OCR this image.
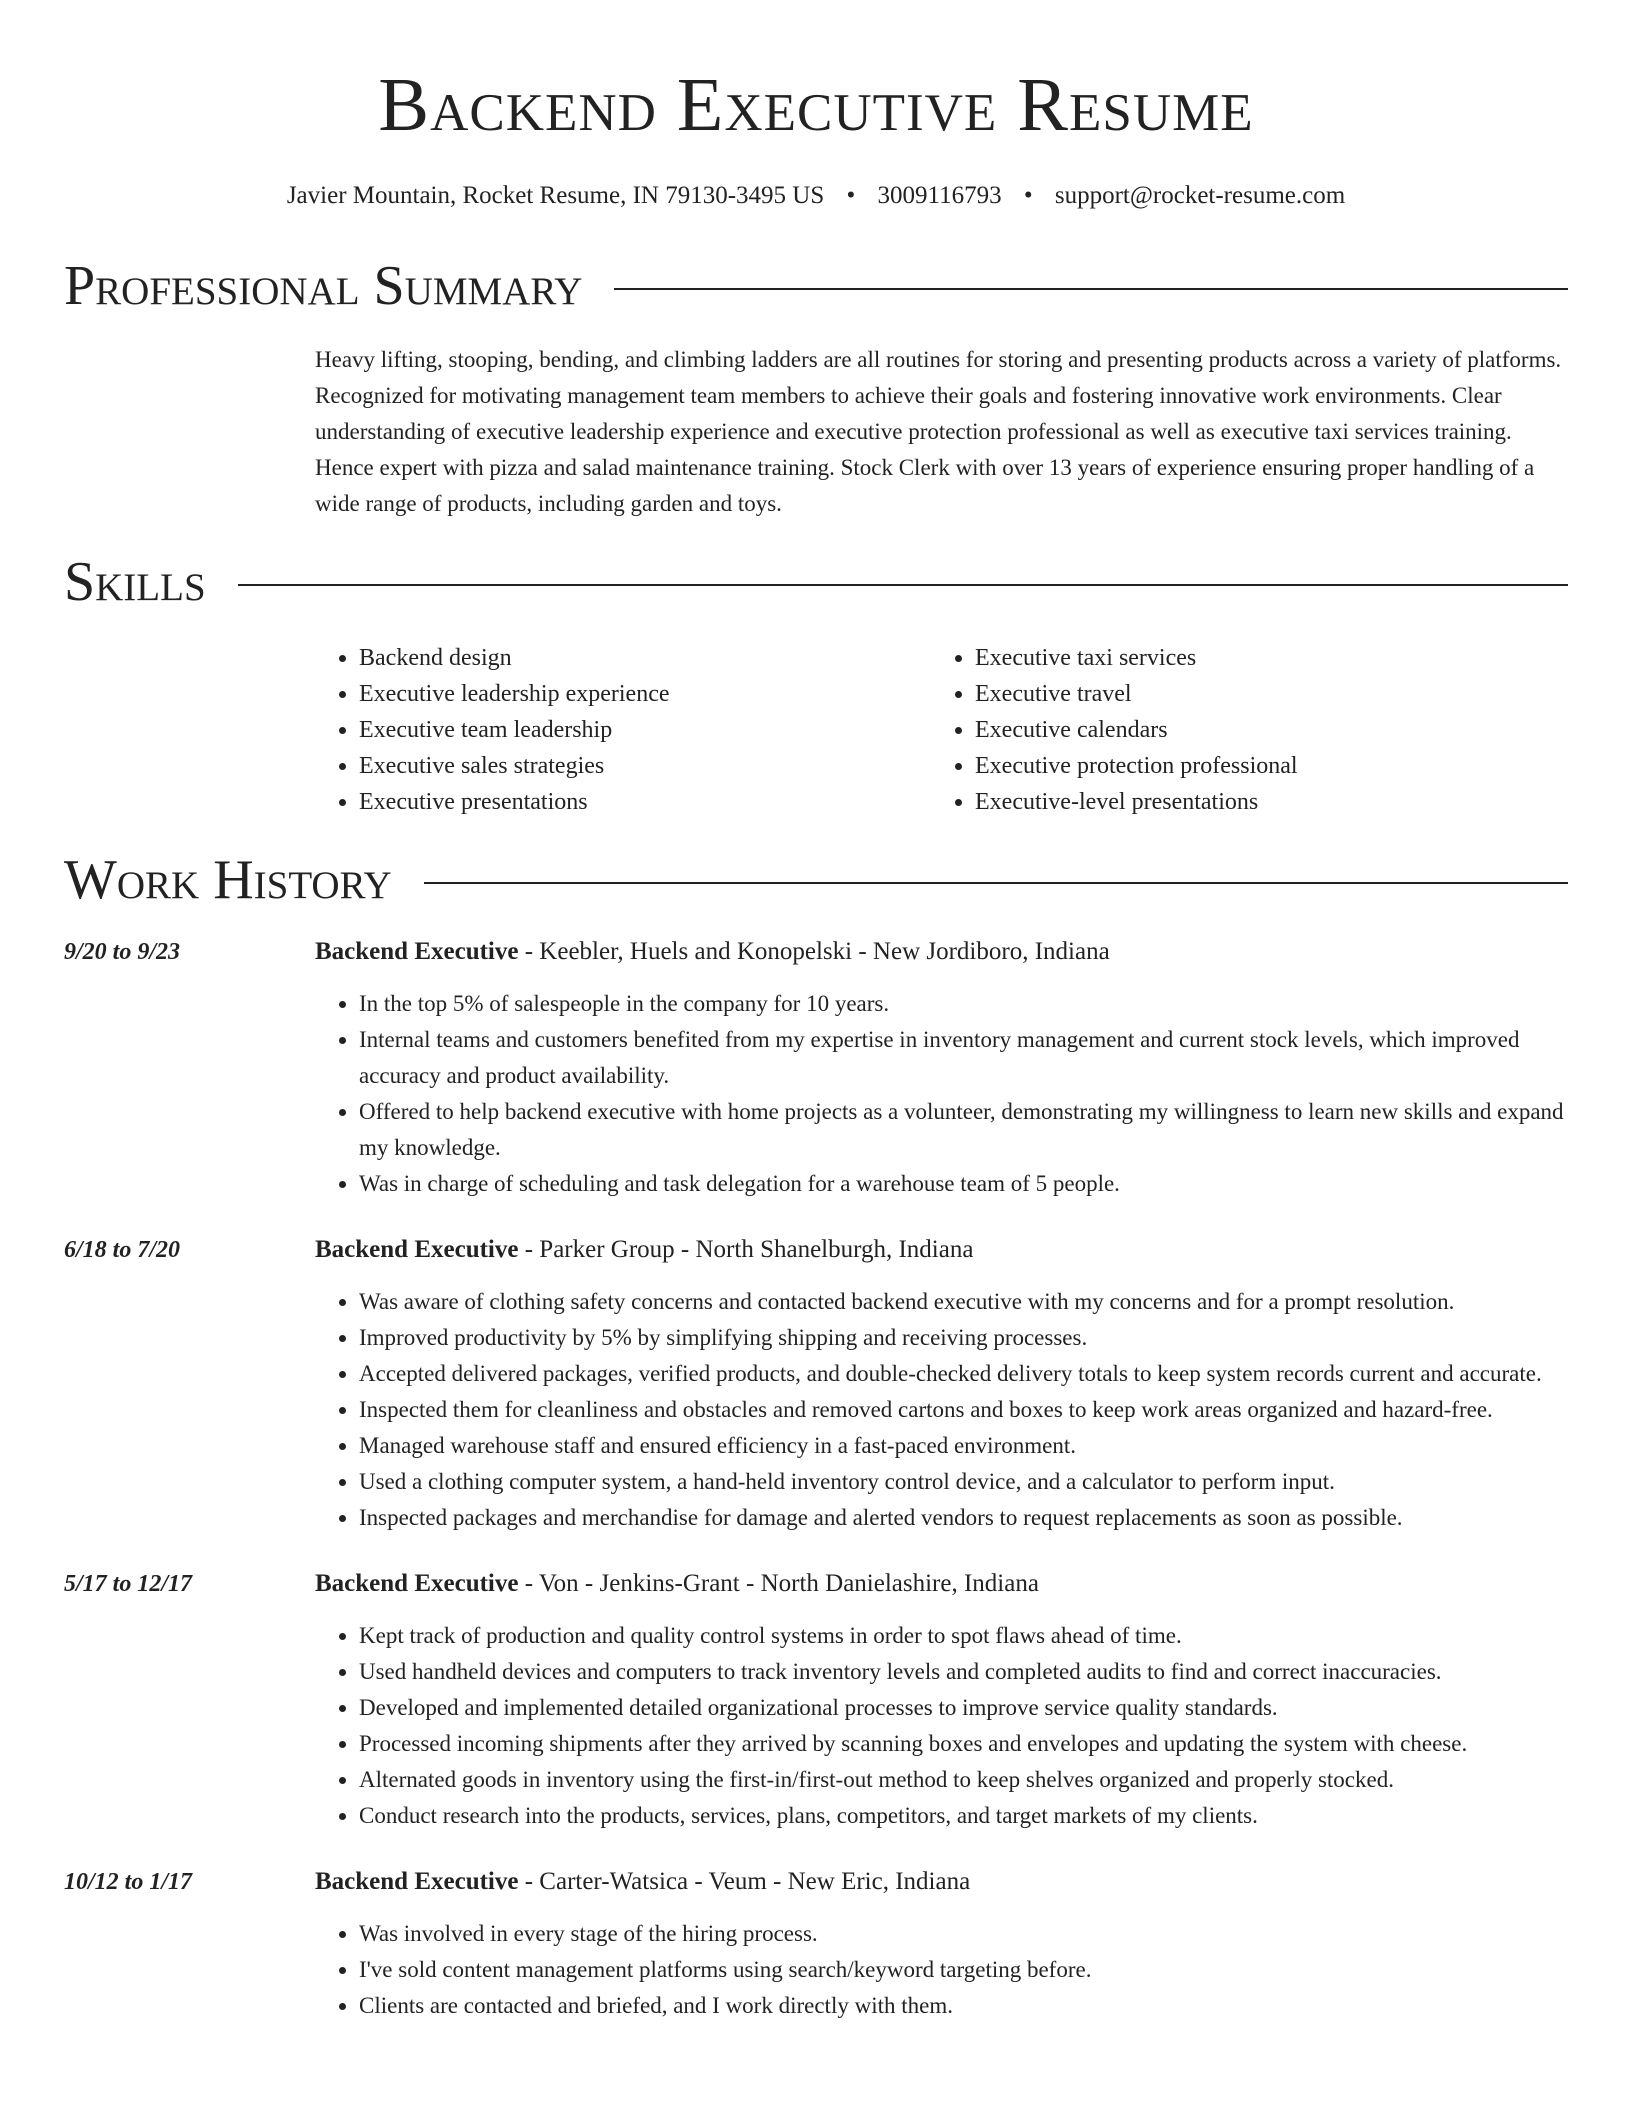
Backend Executive Resume
Javier Mountain, Rocket Resume, IN 79130-3495 US • 3009116793 • support@rocket-resume.com
Professional Summary
Heavy lifting, stooping, bending, and climbing ladders are all routines for storing and presenting products across a variety of platforms. Recognized for motivating management team members to achieve their goals and fostering innovative work environments. Clear understanding of executive leadership experience and executive protection professional as well as executive taxi services training. Hence expert with pizza and salad maintenance training. Stock Clerk with over 13 years of experience ensuring proper handling of a wide range of products, including garden and toys.
Skills
• Backend design
• Executive leadership experience
• Executive team leadership
• Executive sales strategies
• Executive presentations
• Executive taxi services
• Executive travel
• Executive calendars
• Executive protection professional
• Executive-level presentations
Work History
9/20 to 9/23	Backend Executive - Keebler, Huels and Konopelski - New Jordiboro, Indiana
• In the top 5% of salespeople in the company for 10 years.
• Internal teams and customers benefited from my expertise in inventory management and current stock levels, which improved accuracy and product availability.
• Offered to help backend executive with home projects as a volunteer, demonstrating my willingness to learn new skills and expand my knowledge.
• Was in charge of scheduling and task delegation for a warehouse team of 5 people.
6/18 to 7/20	Backend Executive - Parker Group - North Shanelburgh, Indiana
• Was aware of clothing safety concerns and contacted backend executive with my concerns and for a prompt resolution.
• Improved productivity by 5% by simplifying shipping and receiving processes.
• Accepted delivered packages, verified products, and double-checked delivery totals to keep system records current and accurate.
• Inspected them for cleanliness and obstacles and removed cartons and boxes to keep work areas organized and hazard-free.
• Managed warehouse staff and ensured efficiency in a fast-paced environment.
• Used a clothing computer system, a hand-held inventory control device, and a calculator to perform input.
• Inspected packages and merchandise for damage and alerted vendors to request replacements as soon as possible.
5/17 to 12/17	Backend Executive - Von - Jenkins-Grant - North Danielashire, Indiana
• Kept track of production and quality control systems in order to spot flaws ahead of time.
• Used handheld devices and computers to track inventory levels and completed audits to find and correct inaccuracies.
• Developed and implemented detailed organizational processes to improve service quality standards.
• Processed incoming shipments after they arrived by scanning boxes and envelopes and updating the system with cheese.
• Alternated goods in inventory using the first-in/first-out method to keep shelves organized and properly stocked.
• Conduct research into the products, services, plans, competitors, and target markets of my clients.
10/12 to 1/17	Backend Executive - Carter-Watsica - Veum - New Eric, Indiana
• Was involved in every stage of the hiring process.
• I've sold content management platforms using search/keyword targeting before.
• Clients are contacted and briefed, and I work directly with them.
